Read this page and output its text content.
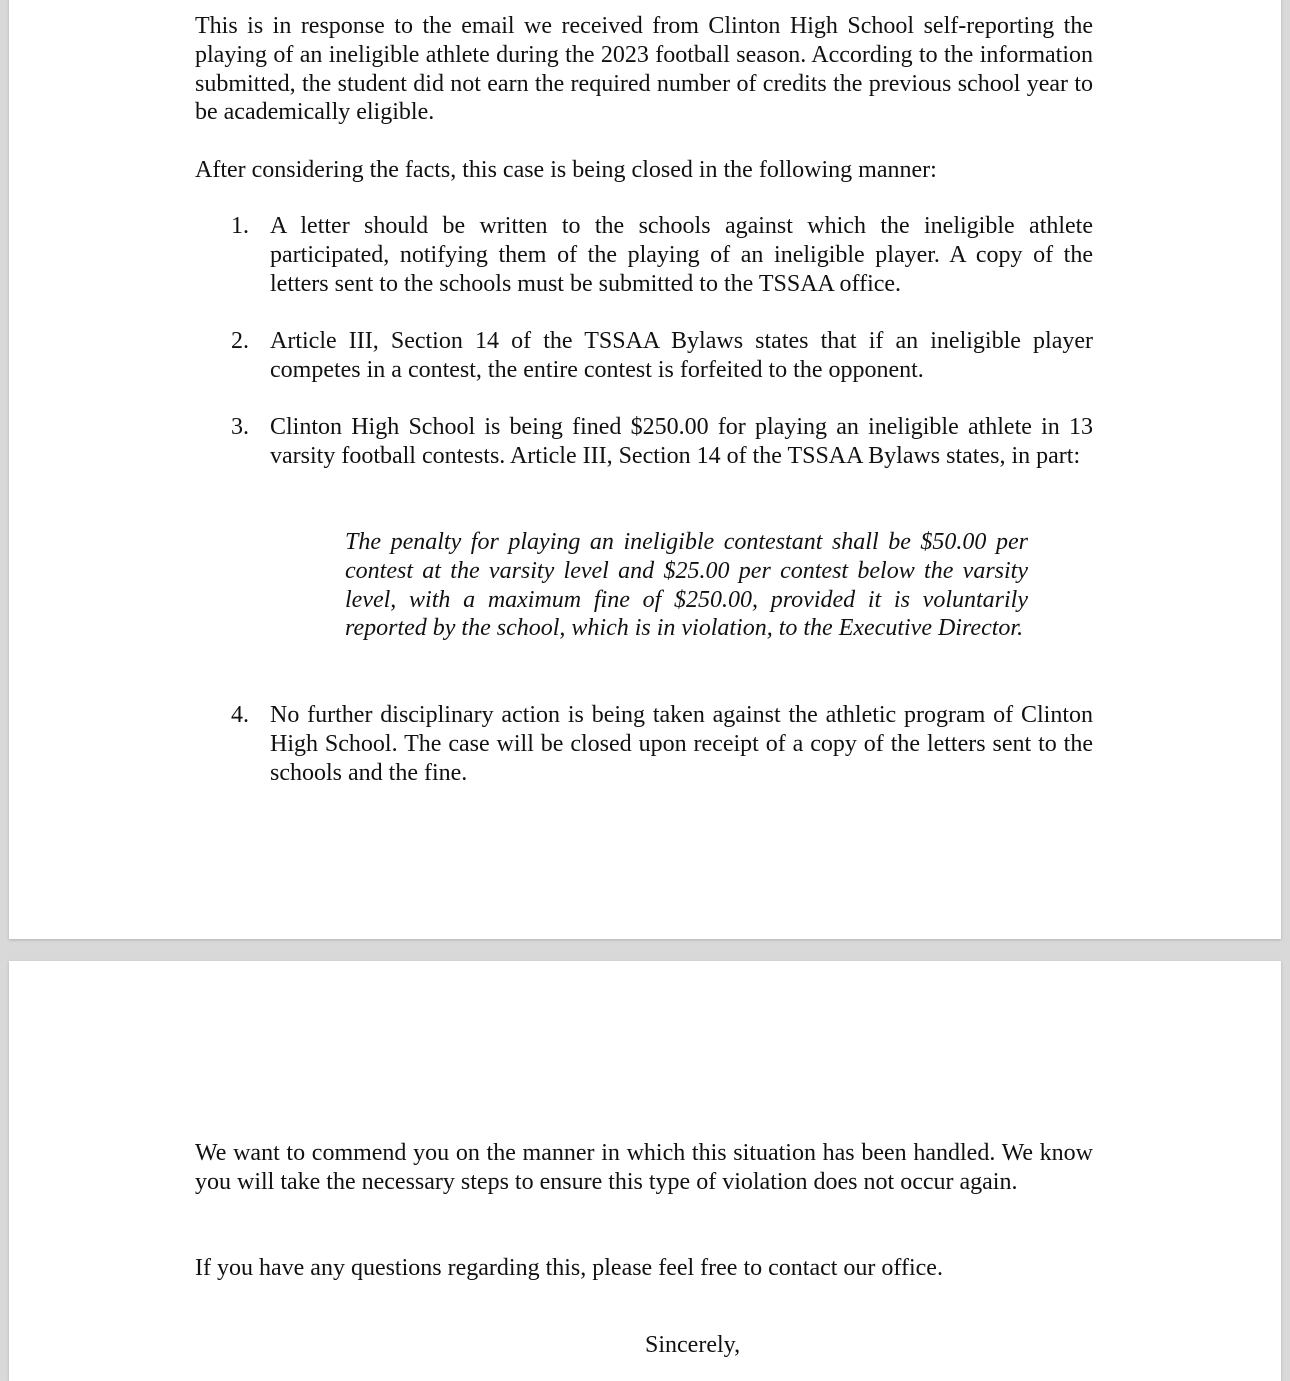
This is in response to the email we received from Clinton High School self-reporting the playing of an ineligible athlete during the 2023 football season. According to the information submitted, the student did not earn the required number of credits the previous school year to be academically eligible.
After considering the facts, this case is being closed in the following manner:
1. A letter should be written to the schools against which the ineligible athlete participated, notifying them of the playing of an ineligible player. A copy of the letters sent to the schools must be submitted to the TSSAA office.
2. Article III, Section 14 of the TSSAA Bylaws states that if an ineligible player competes in a contest, the entire contest is forfeited to the opponent.
3. Clinton High School is being fined $250.00 for playing an ineligible athlete in 13 varsity football contests. Article III, Section 14 of the TSSAA Bylaws states, in part:
4. No further disciplinary action is being taken against the athletic program of Clinton High School. The case will be closed upon receipt of a copy of the letters sent to the schools and the fine.
The penalty for playing an ineligible contestant shall be $50.00 per contest at the varsity level and $25.00 per contest below the varsity level, with a maximum fine of $250.00, provided it is voluntarily reported by the school, which is in violation, to the Executive Director.
We want to commend you on the manner in which this situation has been handled. We know you will take the necessary steps to ensure this type of violation does not occur again.
If you have any questions regarding this, please feel free to contact our office.
Sincerely,
